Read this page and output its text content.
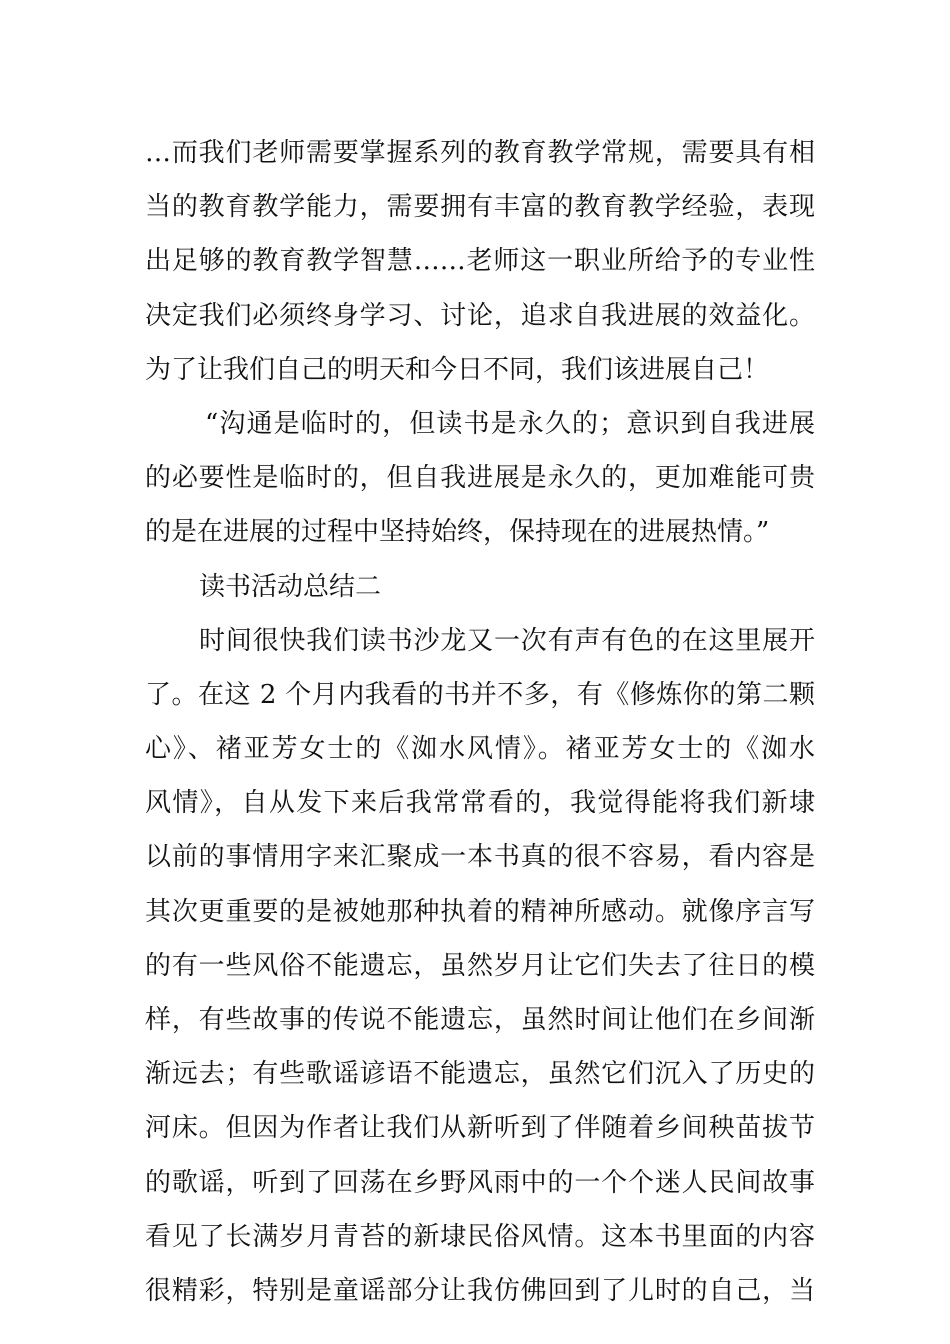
…而我们老师需要掌握系列的教育教学常规，需要具有相
当的教育教学能力，需要拥有丰富的教育教学经验，表现
出足够的教育教学智慧……老师这一职业所给予的专业性
决定我们必须终身学习、讨论，追求自我进展的效益化。
为了让我们自己的明天和今日不同，我们该进展自己！
“沟通是临时的，但读书是永久的；意识到自我进展
的必要性是临时的，但自我进展是永久的，更加难能可贵
的是在进展的过程中坚持始终，保持现在的进展热情。”
读书活动总结二
时间很快我们读书沙龙又一次有声有色的在这里展开
了。在这 2 个月内我看的书并不多，有《修炼你的第二颗
心》、褚亚芳女士的《洳水风情》。褚亚芳女士的《洳水
风情》，自从发下来后我常常看的，我觉得能将我们新埭
以前的事情用字来汇聚成一本书真的很不容易，看内容是
其次更重要的是被她那种执着的精神所感动。就像序言写
的有一些风俗不能遗忘，虽然岁月让它们失去了往日的模
样，有些故事的传说不能遗忘，虽然时间让他们在乡间渐
渐远去；有些歌谣谚语不能遗忘，虽然它们沉入了历史的
河床。但因为作者让我们从新听到了伴随着乡间秧苗拔节
的歌谣，听到了回荡在乡野风雨中的一个个迷人民间故事
看见了长满岁月青苔的新埭民俗风情。这本书里面的内容
很精彩，特别是童谣部分让我仿佛回到了儿时的自己，当
